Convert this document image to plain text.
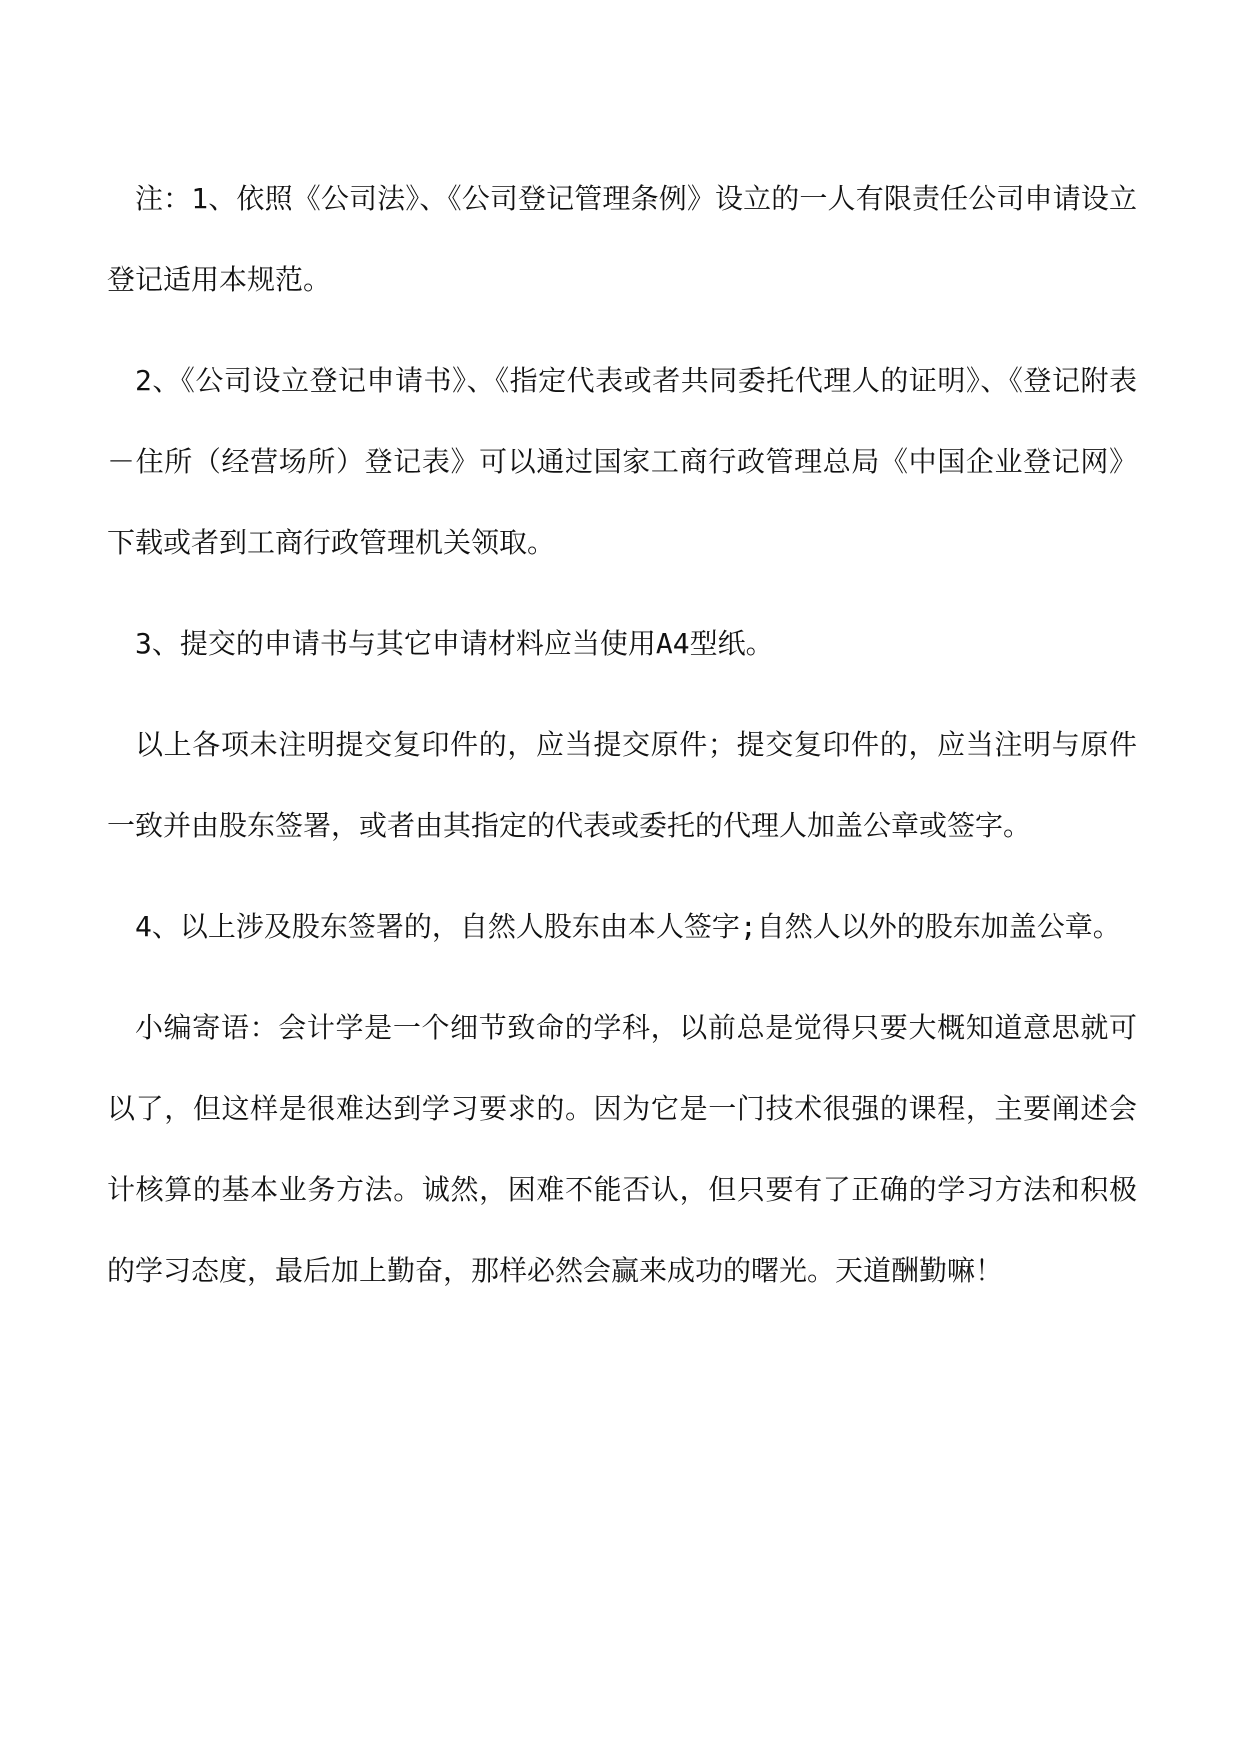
注：1、依照《公司法》、《公司登记管理条例》设立的一人有限责任公司申请设立登记适用本规范。

2、《公司设立登记申请书》、《指定代表或者共同委托代理人的证明》、《登记附表－住所（经营场所）登记表》可以通过国家工商行政管理总局《中国企业登记网》下载或者到工商行政管理机关领取。

3、提交的申请书与其它申请材料应当使用A4型纸。

以上各项未注明提交复印件的，应当提交原件；提交复印件的，应当注明与原件一致并由股东签署，或者由其指定的代表或委托的代理人加盖公章或签字。

4、以上涉及股东签署的，自然人股东由本人签字;自然人以外的股东加盖公章。

小编寄语：会计学是一个细节致命的学科，以前总是觉得只要大概知道意思就可以了，但这样是很难达到学习要求的。因为它是一门技术很强的课程，主要阐述会计核算的基本业务方法。诚然，困难不能否认，但只要有了正确的学习方法和积极的学习态度，最后加上勤奋，那样必然会赢来成功的曙光。天道酬勤嘛！
